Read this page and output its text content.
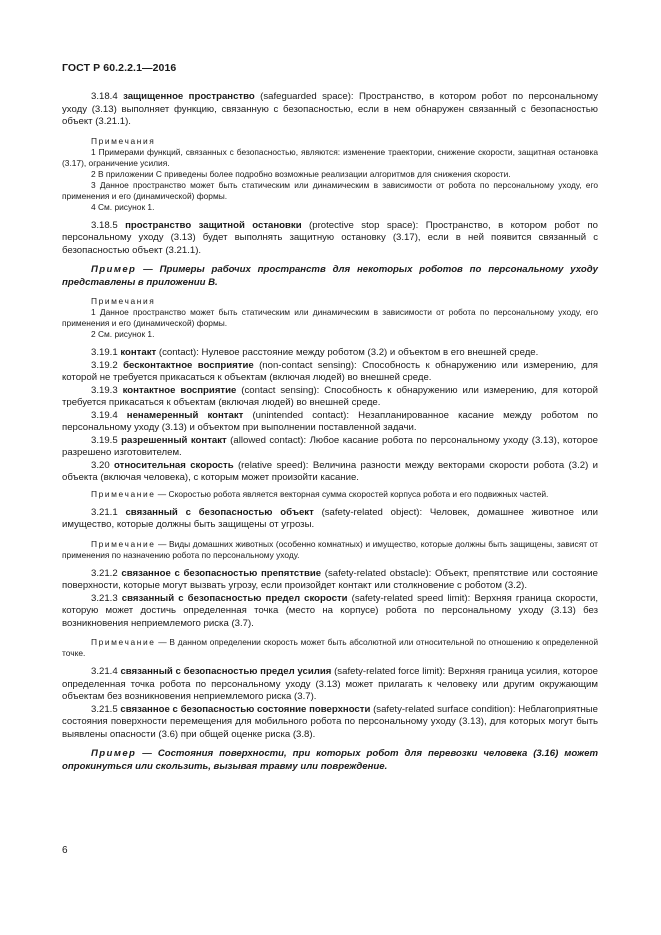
ГОСТ Р 60.2.2.1—2016

3.18.4 защищенное пространство (safeguarded space): Пространство, в котором робот по персональному уходу (3.13) выполняет функцию, связанную с безопасностью, если в нем обнаружен связанный с безопасностью объект (3.21.1).

Примечания

1 Примерами функций, связанных с безопасностью, являются: изменение траектории, снижение скорости, защитная остановка (3.17), ограничение усилия.

2 В приложении С приведены более подробно возможные реализации алгоритмов для снижения скорости.

3 Данное пространство может быть статическим или динамическим в зависимости от робота по персональному уходу, его применения и его (динамической) формы.

4 См. рисунок 1.

3.18.5 пространство защитной остановки (protective stop space): Пространство, в котором робот по персональному уходу (3.13) будет выполнять защитную остановку (3.17), если в ней появится связанный с безопасностью объект (3.21.1).

Пример — Примеры рабочих пространств для некоторых роботов по персональному уходу представлены в приложении В.

Примечания

1 Данное пространство может быть статическим или динамическим в зависимости от робота по персональному уходу, его применения и его (динамической) формы.

2 См. рисунок 1.

3.19.1 контакт (contact): Нулевое расстояние между роботом (3.2) и объектом в его внешней среде.

3.19.2 бесконтактное восприятие (non-contact sensing): Способность к обнаружению или измерению, для которой не требуется прикасаться к объектам (включая людей) во внешней среде.

3.19.3 контактное восприятие (contact sensing): Способность к обнаружению или измерению, для которой требуется прикасаться к объектам (включая людей) во внешней среде.

3.19.4 ненамеренный контакт (unintended contact): Незапланированное касание между роботом по персональному уходу (3.13) и объектом при выполнении поставленной задачи.

3.19.5 разрешенный контакт (allowed contact): Любое касание робота по персональному уходу (3.13), которое разрешено изготовителем.

3.20 относительная скорость (relative speed): Величина разности между векторами скорости робота (3.2) и объекта (включая человека), с которым может произойти касание.

Примечание — Скоростью робота является векторная сумма скоростей корпуса робота и его подвижных частей.

3.21.1 связанный с безопасностью объект (safety-related object): Человек, домашнее животное или имущество, которые должны быть защищены от угрозы.

Примечание — Виды домашних животных (особенно комнатных) и имущество, которые должны быть защищены, зависят от применения по назначению робота по персональному уходу.

3.21.2 связанное с безопасностью препятствие (safety-related obstacle): Объект, препятствие или состояние поверхности, которые могут вызвать угрозу, если произойдет контакт или столкновение с роботом (3.2).

3.21.3 связанный с безопасностью предел скорости (safety-related speed limit): Верхняя граница скорости, которую может достичь определенная точка (место на корпусе) робота по персональному уходу (3.13) без возникновения неприемлемого риска (3.7).

Примечание — В данном определении скорость может быть абсолютной или относительной по отношению к определенной точке.

3.21.4 связанный с безопасностью предел усилия (safety-related force limit): Верхняя граница усилия, которое определенная точка робота по персональному уходу (3.13) может прилагать к человеку или другим окружающим объектам без возникновения неприемлемого риска (3.7).

3.21.5 связанное с безопасностью состояние поверхности (safety-related surface condition): Неблагоприятные состояния поверхности перемещения для мобильного робота по персональному уходу (3.13), для которых могут быть выявлены опасности (3.6) при общей оценке риска (3.8).

Пример — Состояния поверхности, при которых робот для перевозки человека (3.16) может опрокинуться или скользить, вызывая травму или повреждение.

6
